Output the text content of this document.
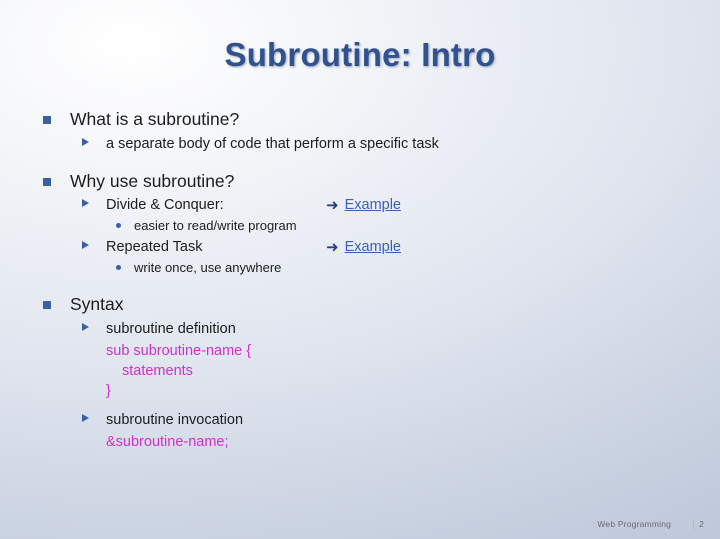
Subroutine: Intro
What is a subroutine?
a separate body of code that perform a specific task
Why use subroutine?
Divide & Conquer:	➜ Example
easier to read/write program
Repeated Task	➜ Example
write once, use anywhere
Syntax
subroutine definition
sub subroutine-name {
statements
}
subroutine invocation
&subroutine-name;
Web Programming	2
